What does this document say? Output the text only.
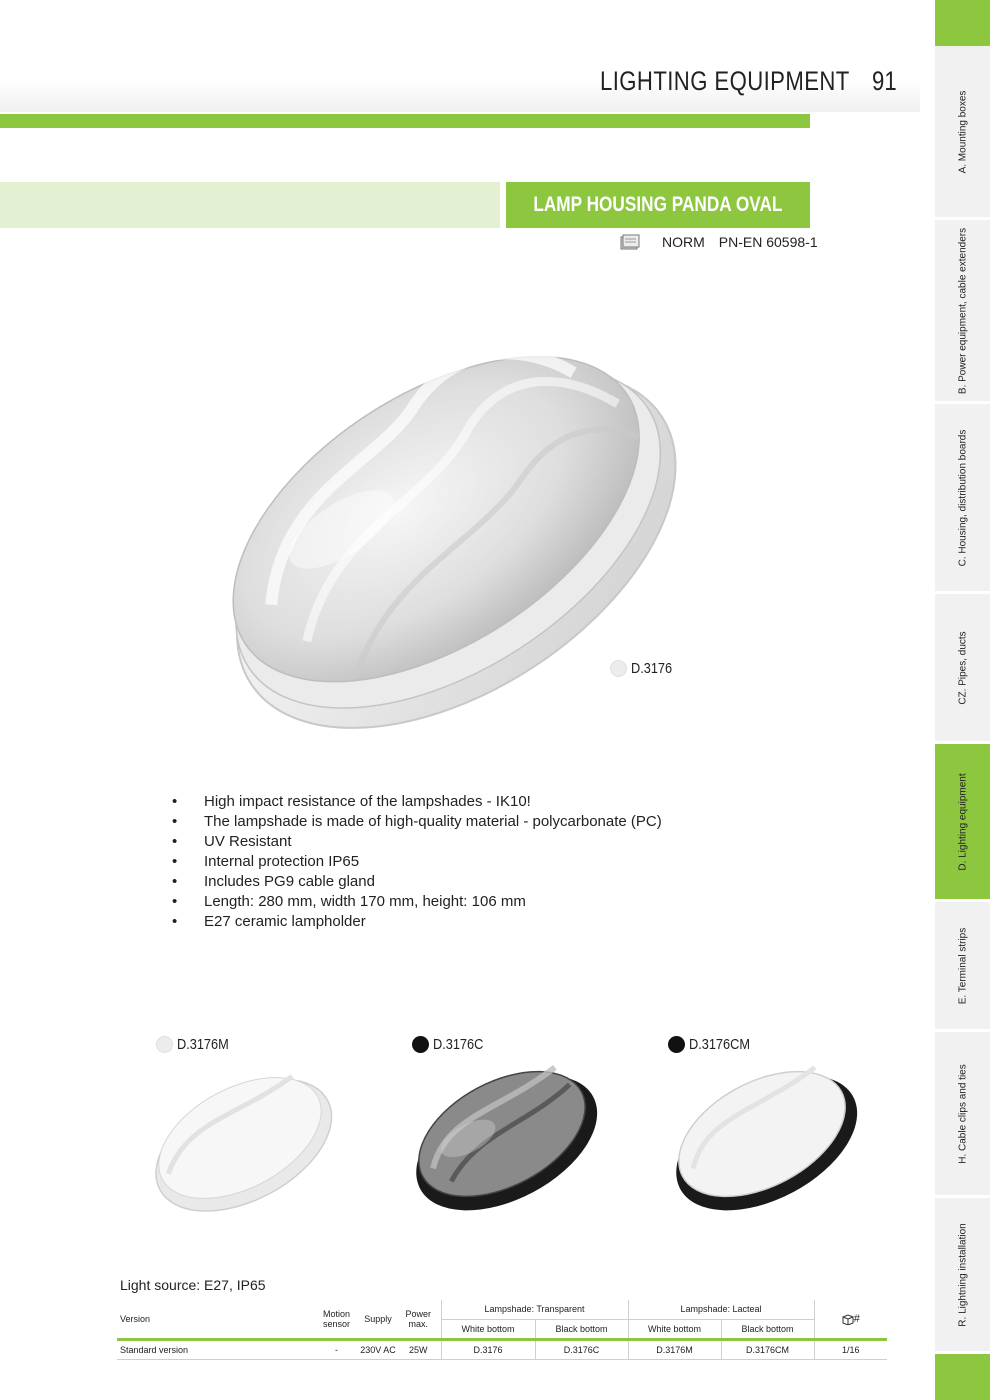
LIGHTING EQUIPMENT 91
A. Mounting boxes
B. Power equipment, cable extenders
C. Housing, distribution boards
CZ. Pipes, ducts
D. Lighting equipment
E. Terminal strips
H. Cable clips and ties
R. Lightning installation
LAMP HOUSING PANDA OVAL
NORM PN-EN 60598-1
D.3176
•	High impact resistance of the lampshades - IK10!
•	The lampshade is made of high-quality material - polycarbonate (PC)
•	UV Resistant
•	Internal protection IP65
•	Includes PG9 cable gland
•	Length: 280 mm, width 170 mm, height: 106 mm
•	E27 ceramic lampholder
D.3176M	D.3176C	D.3176CM
Light source: E27, IP65
Version	Motion sensor	Supply	Power max.	Lampshade: Transparent		Lampshade: Lacteal		#
				White bottom	Black bottom	White bottom	Black bottom	

Standard version	-	230V AC	25W	D.3176	D.3176C	D.3176M	D.3176CM	1/16
